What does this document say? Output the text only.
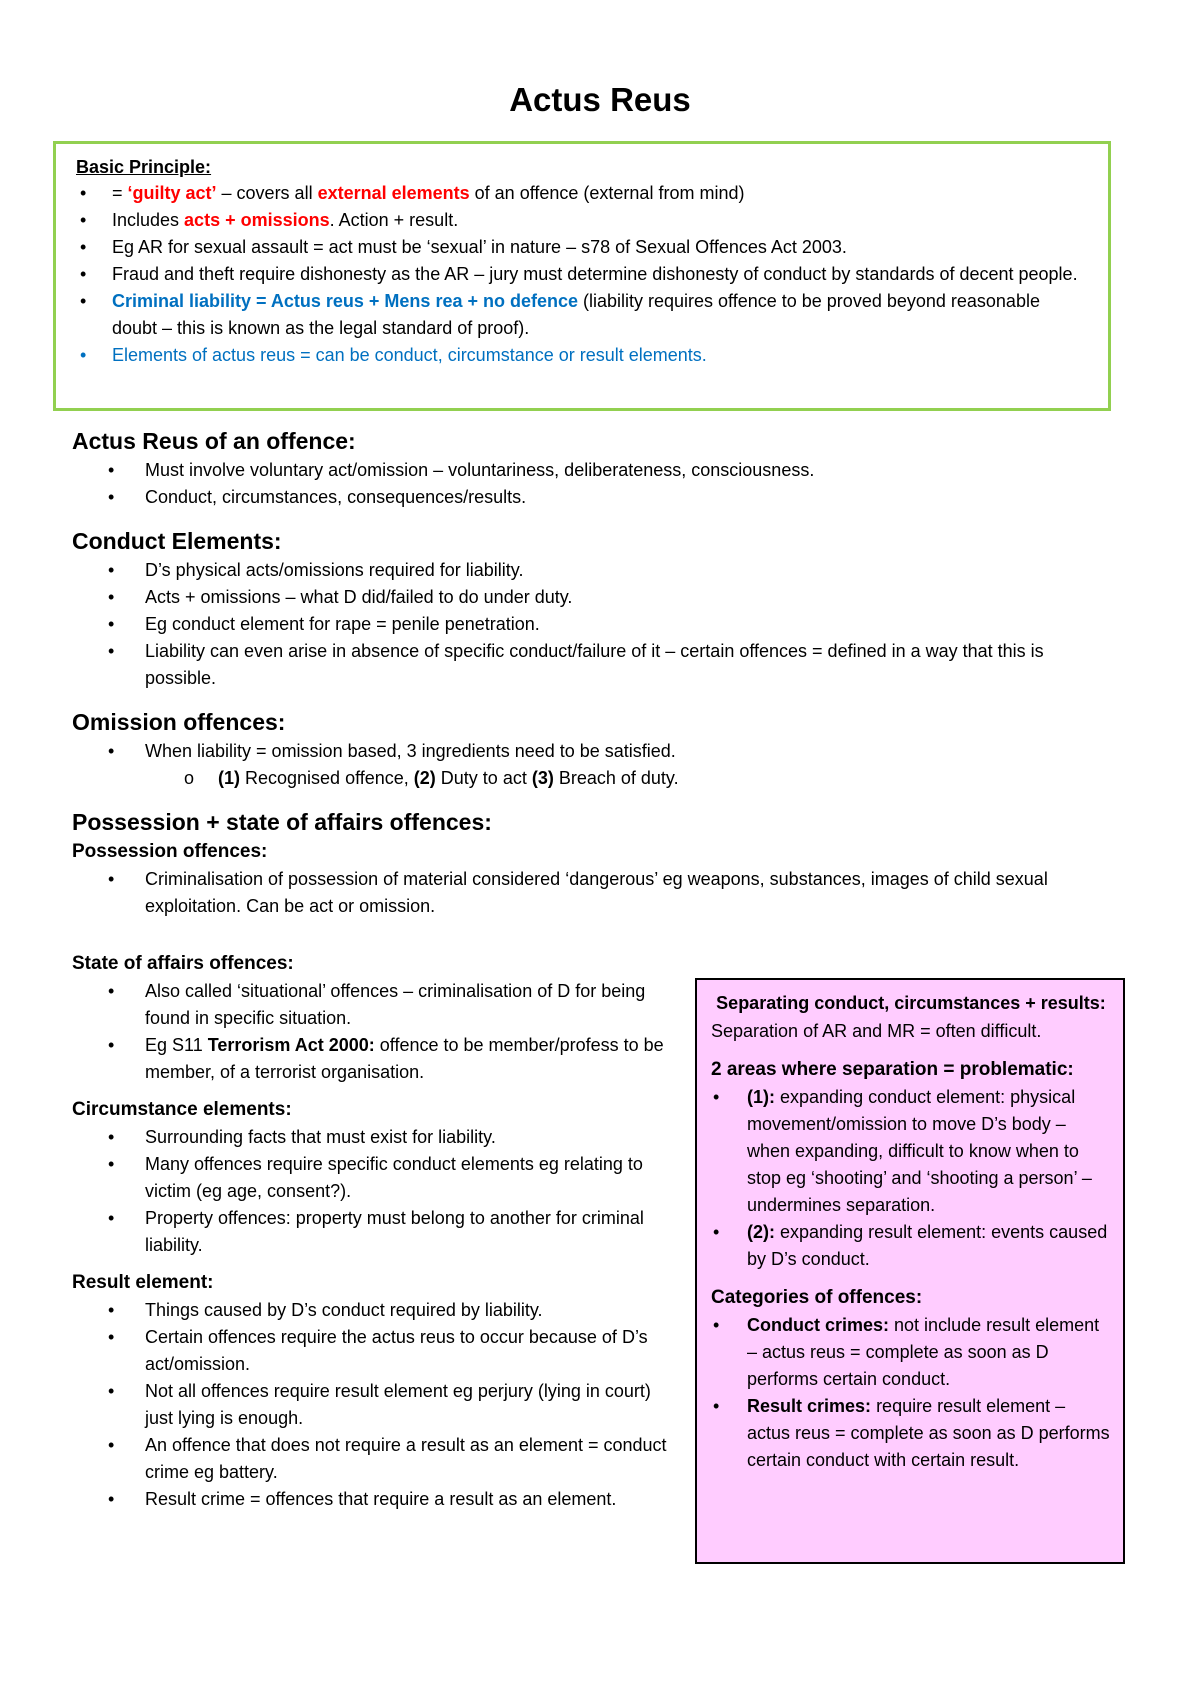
Actus Reus
Basic Principle:
• = ‘guilty act’ – covers all external elements of an offence (external from mind)
• Includes acts + omissions. Action + result.
• Eg AR for sexual assault = act must be ‘sexual’ in nature – s78 of Sexual Offences Act 2003.
• Fraud and theft require dishonesty as the AR – jury must determine dishonesty of conduct by standards of decent people.
• Criminal liability = Actus reus + Mens rea + no defence (liability requires offence to be proved beyond reasonable doubt – this is known as the legal standard of proof).
• Elements of actus reus = can be conduct, circumstance or result elements.
Actus Reus of an offence:
• Must involve voluntary act/omission – voluntariness, deliberateness, consciousness.
• Conduct, circumstances, consequences/results.
Conduct Elements:
• D’s physical acts/omissions required for liability.
• Acts + omissions – what D did/failed to do under duty.
• Eg conduct element for rape = penile penetration.
• Liability can even arise in absence of specific conduct/failure of it – certain offences = defined in a way that this is possible.
Omission offences:
• When liability = omission based, 3 ingredients need to be satisfied.
o (1) Recognised offence, (2) Duty to act (3) Breach of duty.
Possession + state of affairs offences:
Possession offences:
• Criminalisation of possession of material considered ‘dangerous’ eg weapons, substances, images of child sexual exploitation. Can be act or omission.
State of affairs offences:
• Also called ‘situational’ offences – criminalisation of D for being found in specific situation.
• Eg S11 Terrorism Act 2000: offence to be member/profess to be member, of a terrorist organisation.
Circumstance elements:
• Surrounding facts that must exist for liability.
• Many offences require specific conduct elements eg relating to victim (eg age, consent?).
• Property offences: property must belong to another for criminal liability.
Result element:
• Things caused by D’s conduct required by liability.
• Certain offences require the actus reus to occur because of D’s act/omission.
• Not all offences require result element eg perjury (lying in court) just lying is enough.
• An offence that does not require a result as an element = conduct crime eg battery.
• Result crime = offences that require a result as an element.
Separating conduct, circumstances + results:
Separation of AR and MR = often difficult.
2 areas where separation = problematic:
• (1): expanding conduct element: physical movement/omission to move D’s body – when expanding, difficult to know when to stop eg ‘shooting’ and ‘shooting a person’ – undermines separation.
• (2): expanding result element: events caused by D’s conduct.
Categories of offences:
• Conduct crimes: not include result element – actus reus = complete as soon as D performs certain conduct.
• Result crimes: require result element – actus reus = complete as soon as D performs certain conduct with certain result.
